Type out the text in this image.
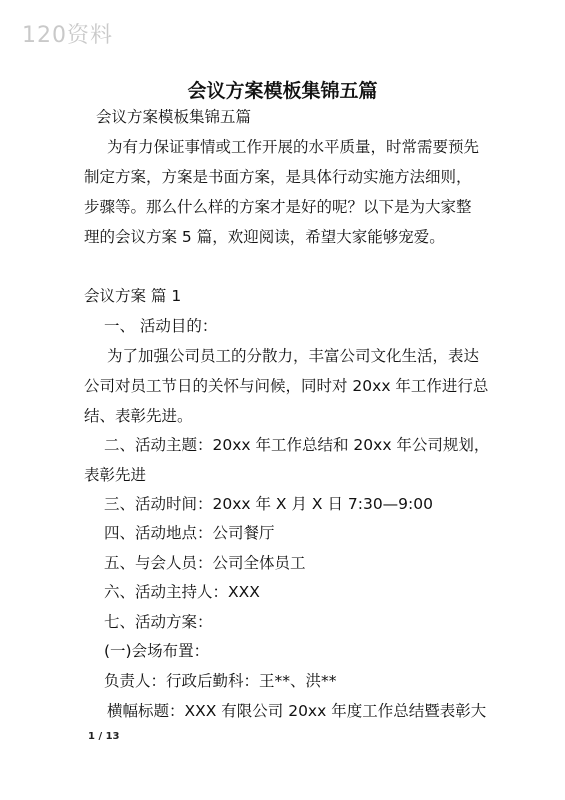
120资料
会议方案模板集锦五篇
会议方案模板集锦五篇
为有力保证事情或工作开展的水平质量，时常需要预先
制定方案，方案是书面方案，是具体行动实施方法细则，
步骤等。那么什么样的方案才是好的呢？以下是为大家整
理的会议方案 5 篇，欢迎阅读，希望大家能够宠爱。
会议方案 篇 1
一、 活动目的：
为了加强公司员工的分散力，丰富公司文化生活，表达
公司对员工节日的关怀与问候，同时对 20xx 年工作进行总
结、表彰先进。
二、活动主题：20xx 年工作总结和 20xx 年公司规划，
表彰先进
三、活动时间：20xx 年 X 月 X 日 7:30—9:00
四、活动地点：公司餐厅
五、与会人员：公司全体员工
六、活动主持人：XXX
七、活动方案：
(一)会场布置：
负责人：行政后勤科：王**、洪**
横幅标题：XXX 有限公司 20xx 年度工作总结暨表彰大
1 / 13
